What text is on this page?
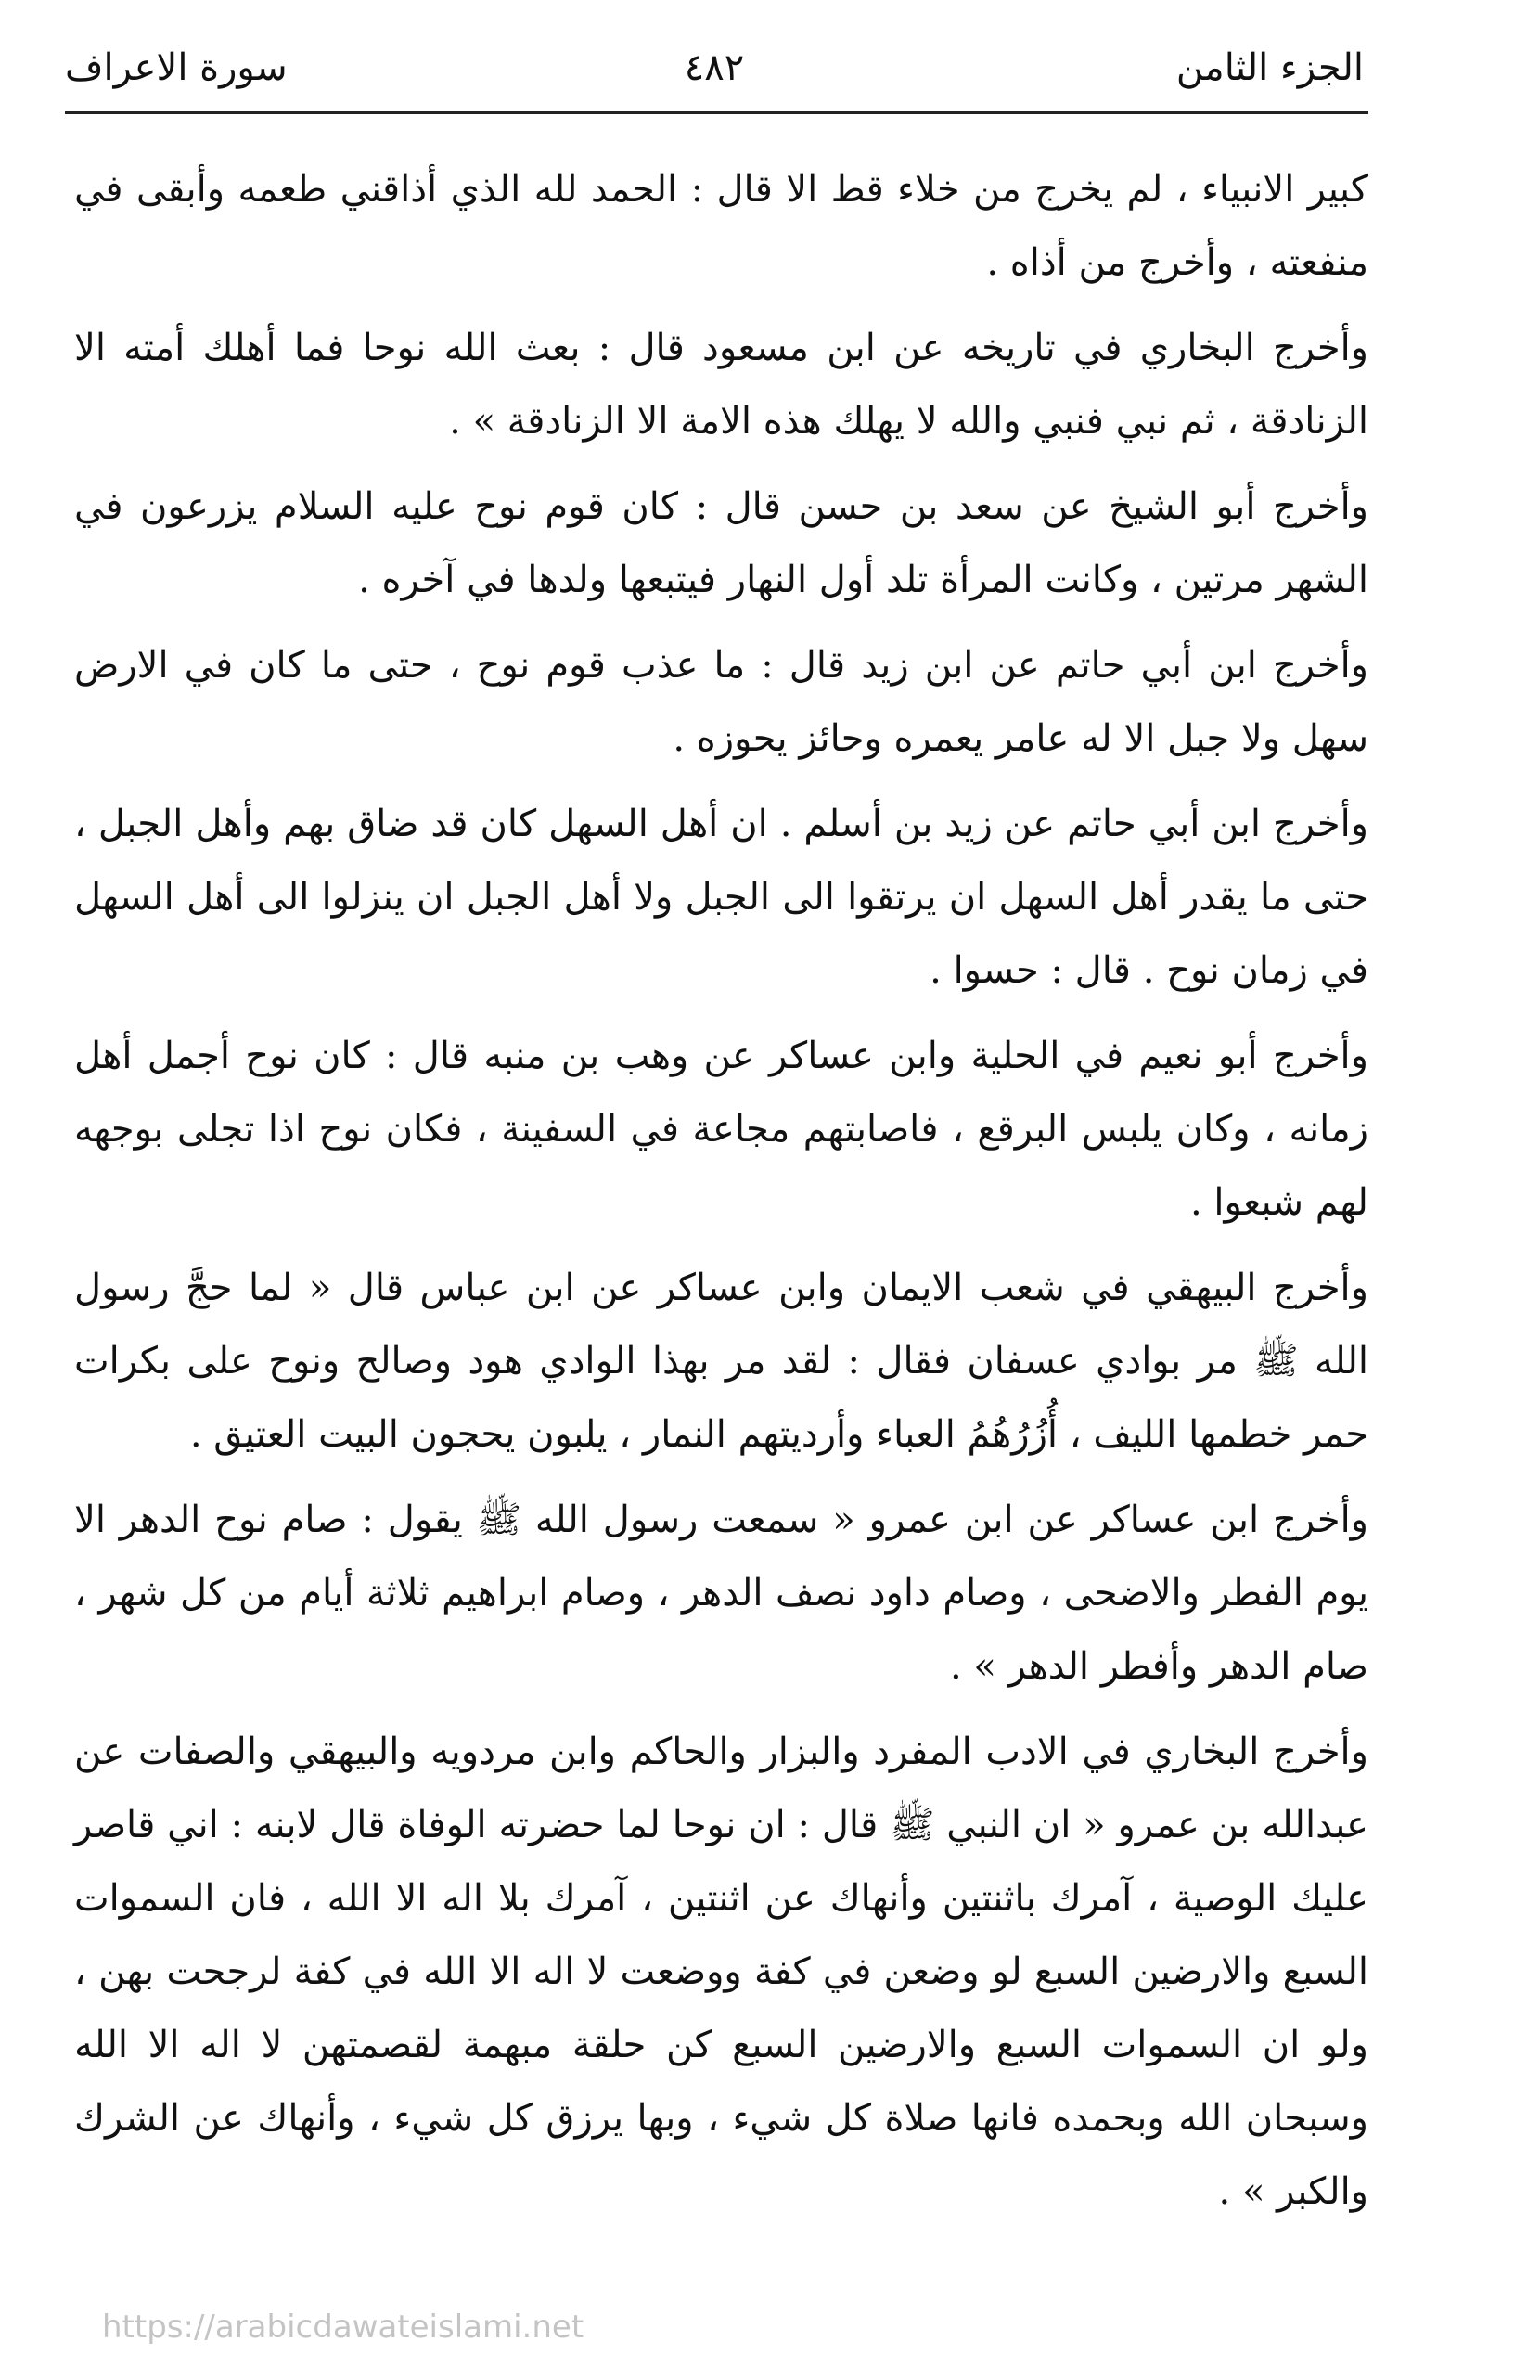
الجزء الثامن
٤٨٢
سورة الاعراف

كبير الانبياء ، لم يخرج من خلاء قط الا قال : الحمد لله الذي أذاقني طعمه وأبقى في منفعته ، وأخرج من أذاه .

وأخرج البخاري في تاريخه عن ابن مسعود قال : بعث الله نوحا فما أهلك أمته الا الزنادقة ، ثم نبي فنبي والله لا يهلك هذه الامة الا الزنادقة » .

وأخرج أبو الشيخ عن سعد بن حسن قال : كان قوم نوح عليه السلام يزرعون في الشهر مرتين ، وكانت المرأة تلد أول النهار فيتبعها ولدها في آخره .

وأخرج ابن أبي حاتم عن ابن زيد قال : ما عذب قوم نوح ، حتى ما كان في الارض سهل ولا جبل الا له عامر يعمره وحائز يحوزه .

وأخرج ابن أبي حاتم عن زيد بن أسلم . ان أهل السهل كان قد ضاق بهم وأهل الجبل ، حتى ما يقدر أهل السهل ان يرتقوا الى الجبل ولا أهل الجبل ان ينزلوا الى أهل السهل في زمان نوح . قال : حسوا .

وأخرج أبو نعيم في الحلية وابن عساكر عن وهب بن منبه قال : كان نوح أجمل أهل زمانه ، وكان يلبس البرقع ، فاصابتهم مجاعة في السفينة ، فكان نوح اذا تجلى بوجهه لهم شبعوا .

وأخرج البيهقي في شعب الايمان وابن عساكر عن ابن عباس قال « لما حجَّ رسول الله ﷺ مر بوادي عسفان فقال : لقد مر بهذا الوادي هود وصالح ونوح على بكرات حمر خطمها الليف ، أُزُرُهُمُ العباء وأرديتهم النمار ، يلبون يحجون البيت العتيق .

وأخرج ابن عساكر عن ابن عمرو « سمعت رسول الله ﷺ يقول : صام نوح الدهر الا يوم الفطر والاضحى ، وصام داود نصف الدهر ، وصام ابراهيم ثلاثة أيام من كل شهر ، صام الدهر وأفطر الدهر » .

وأخرج البخاري في الادب المفرد والبزار والحاكم وابن مردويه والبيهقي والصفات عن عبدالله بن عمرو « ان النبي ﷺ قال : ان نوحا لما حضرته الوفاة قال لابنه : اني قاصر عليك الوصية ، آمرك باثنتين وأنهاك عن اثنتين ، آمرك بلا اله الا الله ، فان السموات السبع والارضين السبع لو وضعن في كفة ووضعت لا اله الا الله في كفة لرجحت بهن ، ولو ان السموات السبع والارضين السبع كن حلقة مبهمة لقصمتهن لا اله الا الله وسبحان الله وبحمده فانها صلاة كل شيء ، وبها يرزق كل شيء ، وأنهاك عن الشرك والكبر » .

https://arabicdawateislami.net
